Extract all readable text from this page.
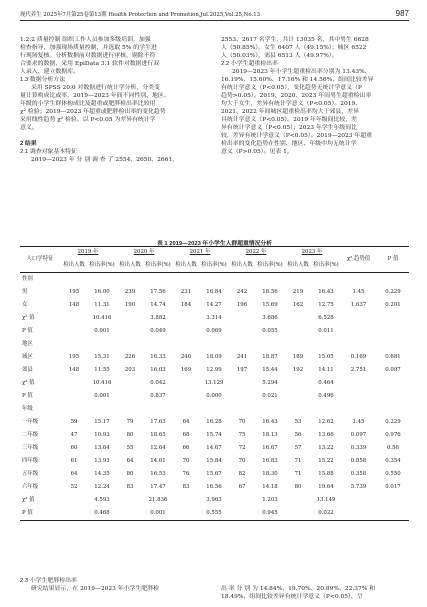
现代养生 2025年7月第25卷第13期 Health Protection and Promotion,Jul.2025,Vol.25,No.13	987
1.2.2 质量控制 组织工作人员参加多级培训，加强
检查指导，加强现场质量控制，并选取 5% 的学生进
行现场复核。分析数据前对数据进行审核，剔除不符
合要求的数据，采用 EpiData 3.1 软件对数据进行双
人录入、建立数据库。
1.3 数据分析方法
采用 SPSS 20.0 对数据进行统计学分析，分类变
量计算构成比或率，2019—2023 年间不同性别、地区、
年级的小学生群体构成比及超重或肥胖检出率比较用
χ² 检验；2019—2023 年超重或肥胖检出率的变化趋势
采用线性趋势 χ² 检验。以 P<0.05 为差异有统计学
意义。
2 结果
2.1 调查对象基本特征
2019—2023 年 分 别 调 查 了 2554、2650、2661、
2553、2617 名学生，共计 13035 名，其中男生 6628
人（50.85%），女生 6407 人（49.15%）；城区 6522
人（50.03%），郊县 6513 人（49.97%）。
2.2 小学生超重检出率
2019—2023 年小学生超重检出率分别为 13.43%、
16.19%、15.60%、17.16% 和 14.56%，组间比较差异
有统计学意义（P<0.05），变化趋势无统计学意义（P
趋势>0.05）。2019、2020、2023 年间男生超重检出率
均大于女生，差异有统计学意义（P<0.05）。2019、
2021、2022 年间城区超重检出率均大于郊县，差异
具统计学意义（P<0.05）。2019 年年级间比较，差
异有统计学意义（P<0.05）；2023 年学生年级间比
较，差异有统计学意义（P<0.05）。2019—2023 年超重
检出率的变化趋势在性别、地区、年级中均无统计学
意义（P>0.05）。见表 1。
表 1 2019—2023 年小学生人群超重情况分析
人口学特征	2019 年		2020 年		2021 年		2022 年		2023 年		χ² 趋势值	P 值
	检出人数	检出率(%)	检出人数	检出率(%)	检出人数	检出率(%)	检出人数	检出率(%)	检出人数	检出率(%)		
性别												
男	195	16.00	239	17.56	231	16.84	242	18.56	219	16.43	1.45	0.229
女	148	11.31	190	14.74	184	14.27	196	15.69	162	12.75	1.637	0.201
χ² 值		10.416		3.882		3.314		3.686		6.528		
P 值		0.001		0.049		0.069		0.055		0.011		
地区												
城区	195	15.31	226	16.33	246	18.09	241	18.87	189	15.05	0.169	0.681
郊县	148	11.55	203	16.03	169	12.99	197	15.44	192	14.11	2.751	0.097
χ² 值		10.416		0.042		13.129		5.294		0.464		
P 值		0.001		0.837		0.000		0.021		0.496		
年级												
一年级	59	15.17	79	17.63	64	16.28	70	16.43	53	12.62	1.45	0.229
二年级	47	10.93	80	18.65	68	15.74	75	18.13	56	13.66	0.097	0.976
三年级	60	13.64	55	12.64	66	14.67	72	16.67	57	13.22	0.339	0.56
四年级	61	13.93	64	14.61	70	15.84	70	16.83	71	15.22	0.858	0.354
五年级	64	14.35	80	16.53	76	15.67	82	18.30	71	15.88	0.358	0.550
六年级	52	12.24	83	17.47	83	16.56	67	14.18	80	19.64	5.739	0.017
χ² 值		4.593		21.836		3.963		1.203		13.149		
P 值		0.468		0.001		0.555		0.945		0.022		
2.3 小学生肥胖检出率
研究结果显示，在 2019—2023 年小学生肥胖检	出 率 分 别 为 14.84%、19.70%、20.89%、22.37% 和
18.49%，组间比较差异有统计学意义（P<0.05），呈
